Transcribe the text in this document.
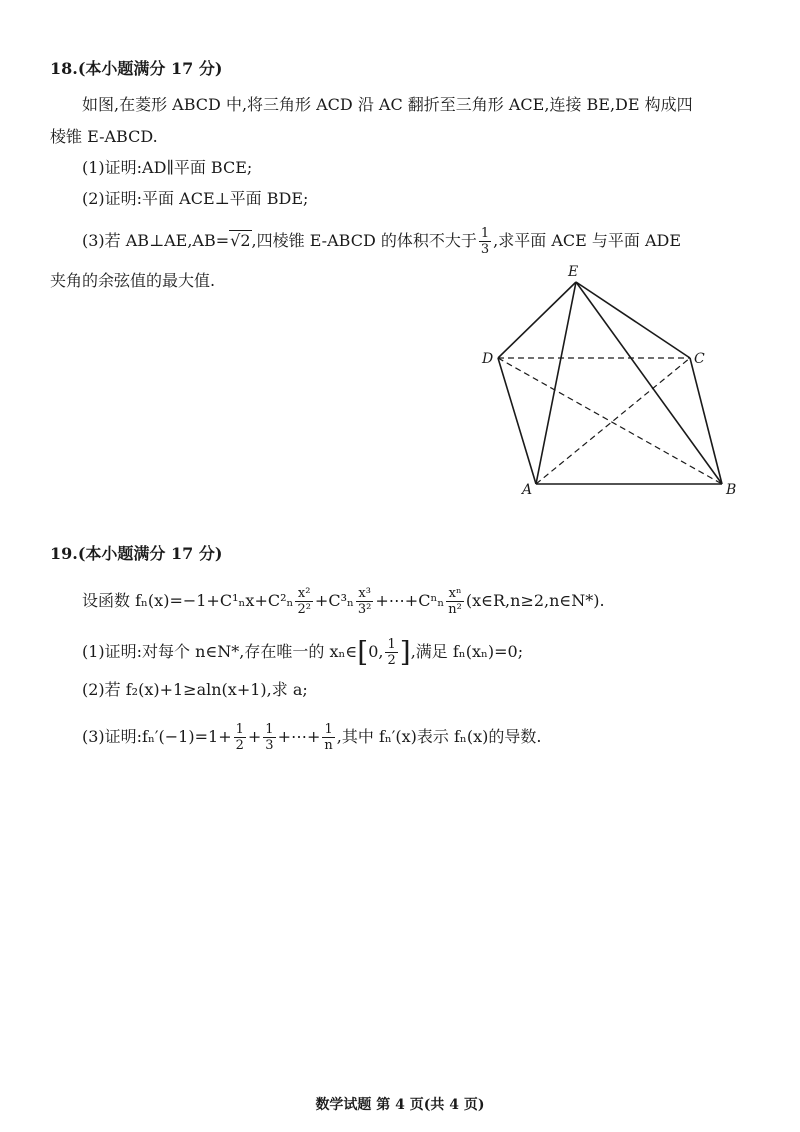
18.(本小题满分 17 分)
如图,在菱形 ABCD 中,将三角形 ACD 沿 AC 翻折至三角形 ACE,连接 BE,DE 构成四
棱锥 E-ABCD.
(1)证明:AD∥平面 BCE;
(2)证明:平面 ACE⊥平面 BDE;
(3)若 AB⊥AE,AB=√2,四棱锥 E-ABCD 的体积不大于 $\frac{1}{3}$ ,求平面 ACE 与平面 ADE
夹角的余弦值的最大值.	E
D	C
A	B
19.(本小题满分 17 分)
设函数 $f_n(x)=-1+C^1_nx+C^2_n \frac{\text{x²}}{\text{2²}} +C^3_n \frac{\text{x³}}{\text{3²}}$ +⋯+Cⁿₙ $\frac{\text{xⁿ}}{\text{n²}}$ (x∈R,n≥2,n∈N*).
(1)证明:对每个 n∈N*,存在唯一的 xₙ∈[0, $\frac{1}{2}$ ],满足 fₙ(xₙ)=0;
(2)若 f₂(x)+1≥aln(x+1),求 a;
(3)证明:fₙ′(−1)=1+ $\frac{1}{2} + \frac{1}{3}$ +⋯+ $\frac{1}{n}$ ,其中 fₙ′(x)表示 fₙ(x)的导数.
数学试题 第 4 页(共 4 页)
